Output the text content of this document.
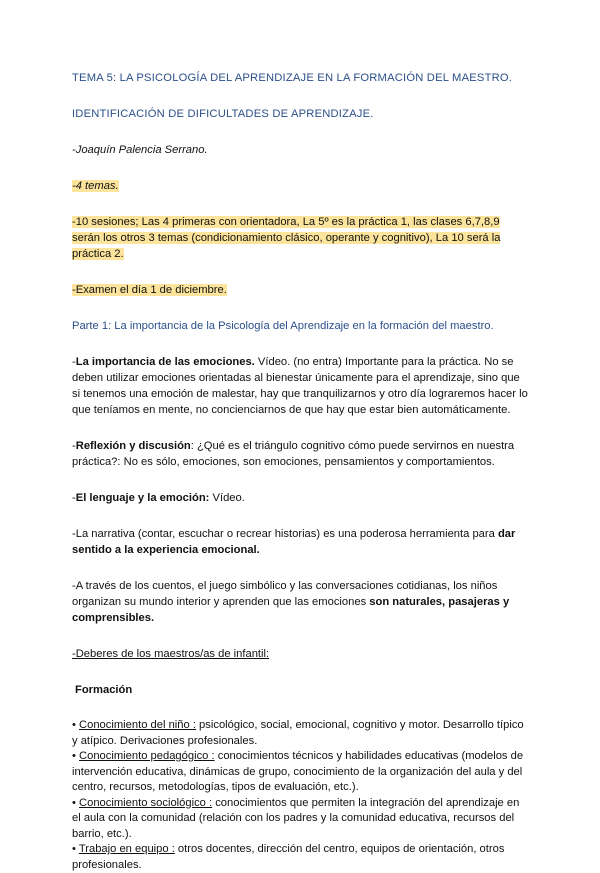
TEMA 5: LA PSICOLOGÍA DEL APRENDIZAJE EN LA FORMACIÓN DEL MAESTRO.

IDENTIFICACIÓN DE DIFICULTADES DE APRENDIZAJE.

-Joaquín Palencia Serrano.

-4 temas.

-10 sesiones; Las 4 primeras con orientadora, La 5º es la práctica 1, las clases 6,7,8,9 serán los otros 3 temas (condicionamiento clásico, operante y cognitivo), La 10 será la práctica 2.

-Examen el día 1 de diciembre.

Parte 1: La importancia de la Psicología del Aprendizaje en la formación del maestro.

-La importancia de las emociones. Vídeo. (no entra) Importante para la práctica. No se deben utilizar emociones orientadas al bienestar únicamente para el aprendizaje, sino que si tenemos una emoción de malestar, hay que tranquilizarnos y otro día lograremos hacer lo que teníamos en mente, no concienciarnos de que hay que estar bien automáticamente.

-Reflexión y discusión: ¿Qué es el triángulo cognitivo cómo puede servirnos en nuestra práctica?: No es sólo, emociones, son emociones, pensamientos y comportamientos.

-El lenguaje y la emoción: Vídeo.

-La narrativa (contar, escuchar o recrear historias) es una poderosa herramienta para dar sentido a la experiencia emocional.

-A través de los cuentos, el juego simbólico y las conversaciones cotidianas, los niños organizan su mundo interior y aprenden que las emociones son naturales, pasajeras y comprensibles.

-Deberes de los maestros/as de infantil:

Formación

• Conocimiento del niño : psicológico, social, emocional, cognitivo y motor. Desarrollo típico y atípico. Derivaciones profesionales.

• Conocimiento pedagógico : conocimientos técnicos y habilidades educativas (modelos de intervención educativa, dinámicas de grupo, conocimiento de la organización del aula y del centro, recursos, metodologías, tipos de evaluación, etc.).

• Conocimiento sociológico : conocimientos que permiten la integración del aprendizaje en el aula con la comunidad (relación con los padres y la comunidad educativa, recursos del barrio, etc.).

• Trabajo en equipo : otros docentes, dirección del centro, equipos de orientación, otros profesionales.
